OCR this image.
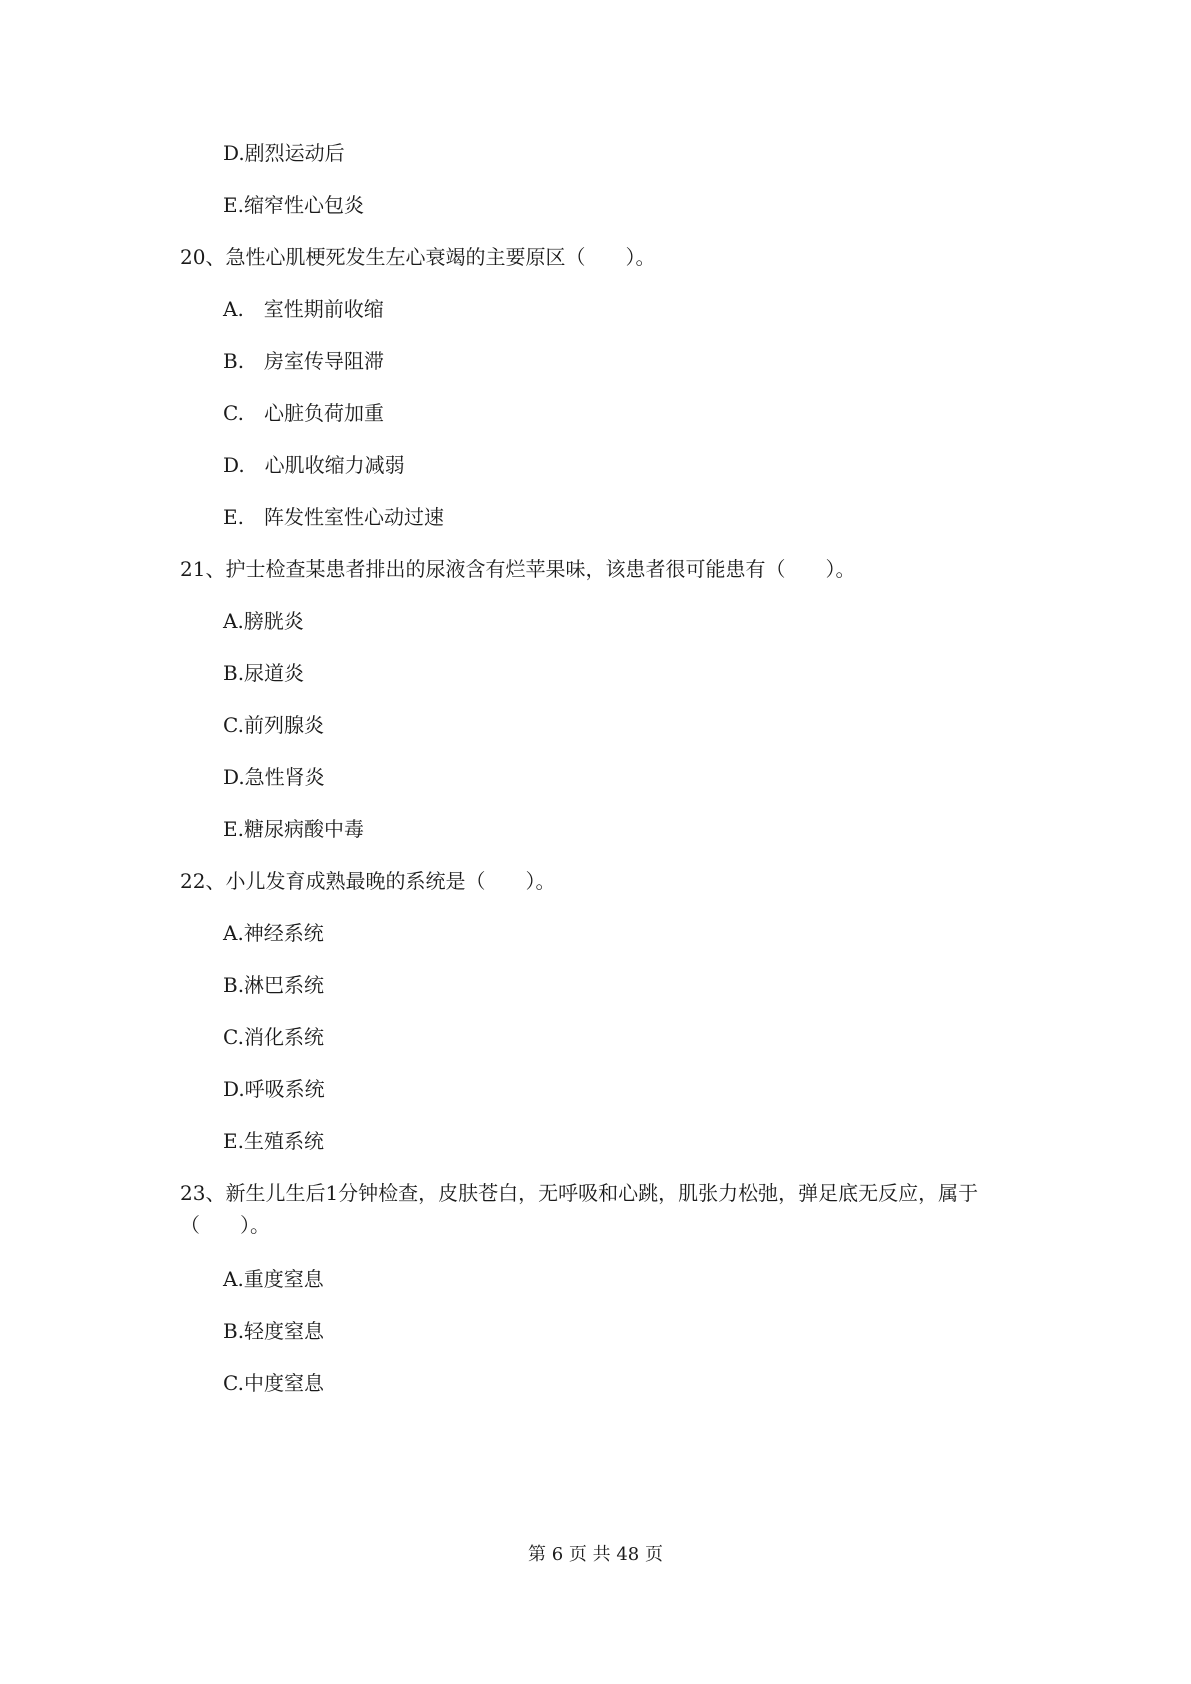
D.剧烈运动后
E.缩窄性心包炎
20、急性心肌梗死发生左心衰竭的主要原区（　　）。
A.　室性期前收缩
B.　房室传导阻滞
C.　心脏负荷加重
D.　心肌收缩力减弱
E.　阵发性室性心动过速
21、护士检查某患者排出的尿液含有烂苹果味，该患者很可能患有（　　）。
A.膀胱炎
B.尿道炎
C.前列腺炎
D.急性肾炎
E.糖尿病酸中毒
22、小儿发育成熟最晚的系统是（　　）。
A.神经系统
B.淋巴系统
C.消化系统
D.呼吸系统
E.生殖系统
23、新生儿生后1分钟检查，皮肤苍白，无呼吸和心跳，肌张力松弛，弹足底无反应，属于
（　　）。
A.重度窒息
B.轻度窒息
C.中度窒息
第 6 页 共 48 页
